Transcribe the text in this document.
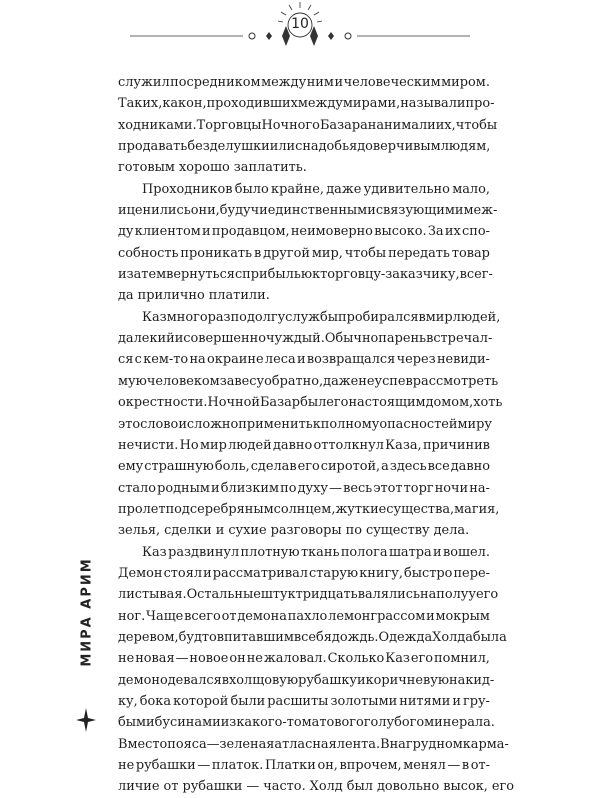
10
служил посредником между ним и человеческим миром.
Таких, как он, проходивших между мирами, называли про-
ходниками. Торговцы Ночного Базара нанимали их, чтобы
продавать безделушки или снадобья доверчивым людям,
готовым хорошо заплатить.
Проходников было крайне, даже удивительно мало,
и ценились они, будучи единственными связующими меж-
ду клиентом и продавцом, неимоверно высоко. За их спо-
собность проникать в другой мир, чтобы передать товар
и затем вернуться с прибылью к торговцу-заказчику, всег-
да прилично платили.
Каз много раз по долгу службы пробирался в мир людей,
далекий и совершенно чуждый. Обычно парень встречал-
ся с кем-то на окраине леса и возвращался через невиди-
мую человеком завесу обратно, даже не успев рассмотреть
окрестности. Ночной Базар был его настоящим домом, хоть
это слово и сложно применить к полному опасностей миру
нечисти. Но мир людей давно оттолкнул Каза, причинив
ему страшную боль, сделав его сиротой, а здесь все давно
стало родным и близким по духу — весь этот торг ночи на-
пролет под серебряным солнцем, жуткие существа, магия,
зелья, сделки и сухие разговоры по существу дела.
Каз раздвинул плотную ткань полога шатра и вошел.
Демон стоял и рассматривал старую книгу, быстро пере-
листывая. Остальные штук тридцать валялись на полу у его
ног. Чаще всего от демона пахло лемонграссом и мокрым
деревом, будто впитавшим в себя дождь. Одежда Холда была
не новая — новое он не жаловал. Сколько Каз его помнил,
демон одевался в холщовую рубашку и коричневую накид-
ку, бока которой были расшиты золотыми нитями и гру-
быми бусинами из какого-то матового голубого минерала.
Вместо пояса — зеленая атласная лента. В нагрудном карма-
не рубашки — платок. Платки он, впрочем, менял — в от-
личие от рубашки — часто. Холд был довольно высок, его
МИРА АРИМ
